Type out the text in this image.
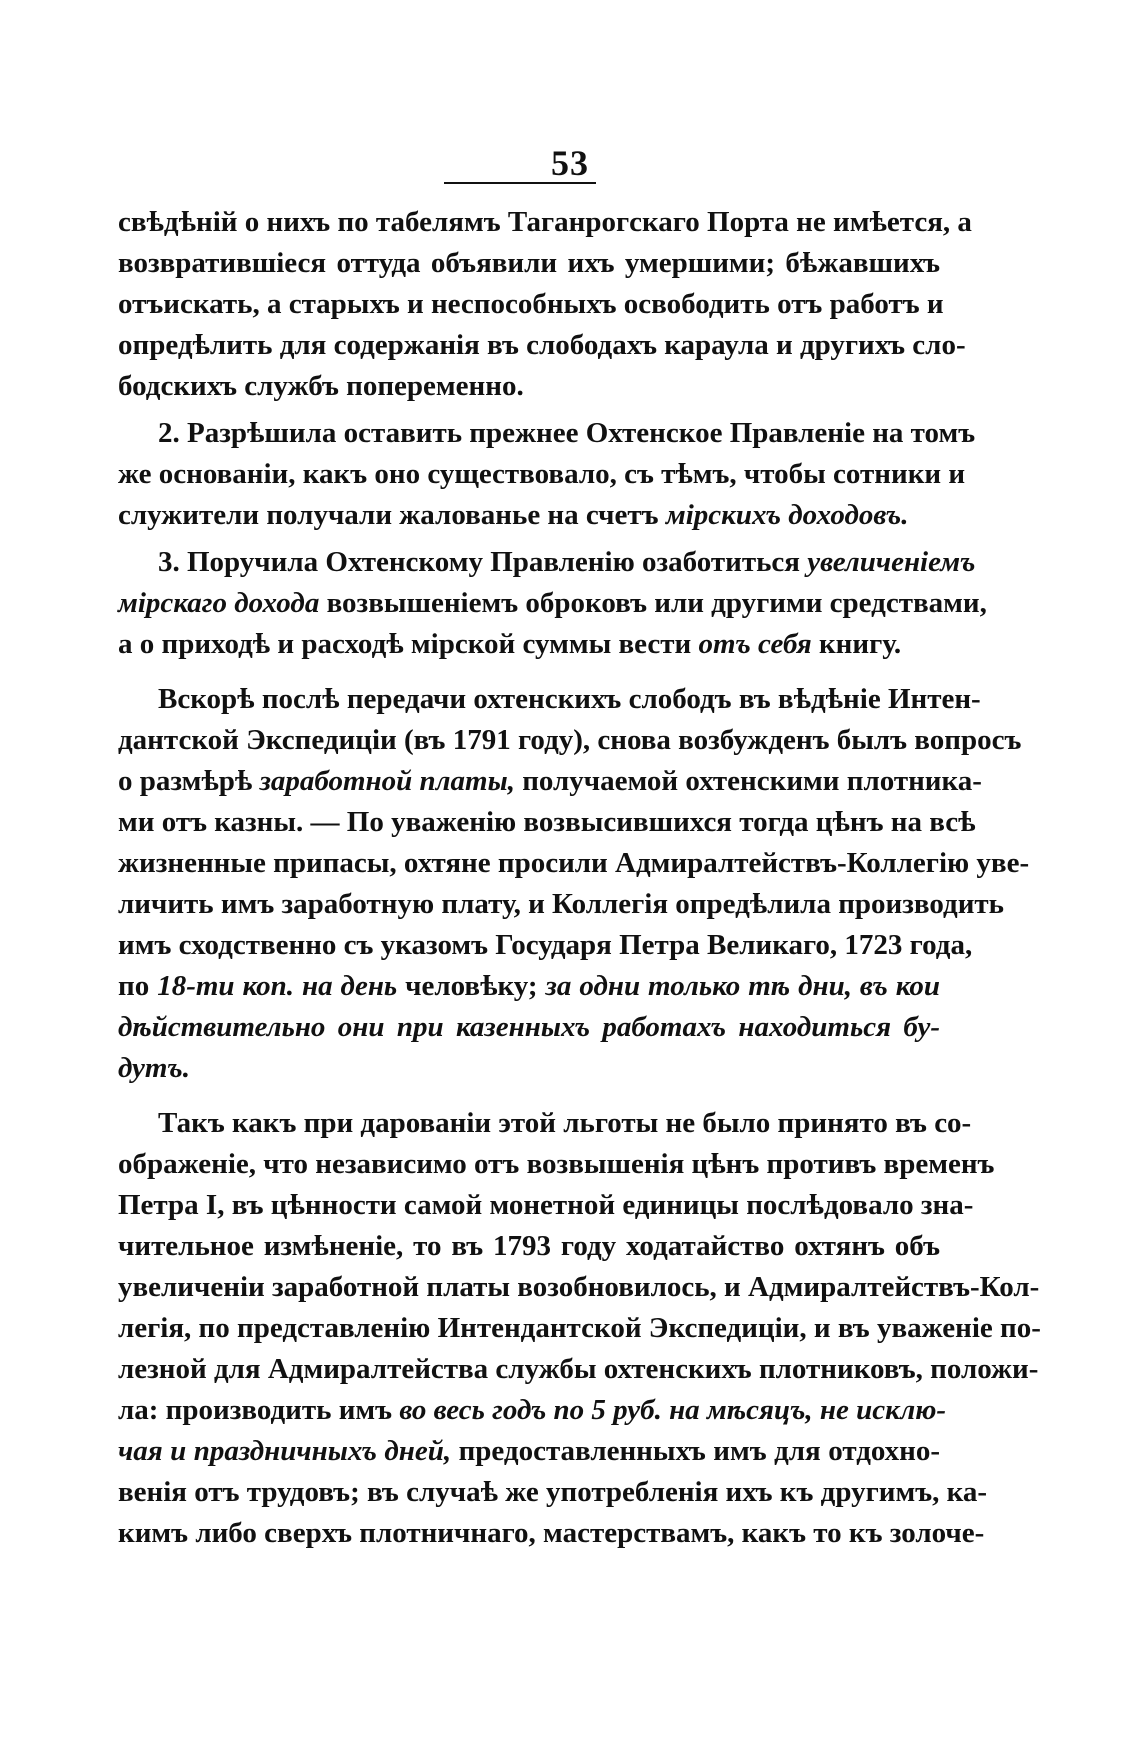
53
свѣдѣній о нихъ по табелямъ Таганрогскаго Порта не имѣется, а
возвратившіеся оттуда объявили ихъ умершими; бѣжавшихъ
отъискать, а старыхъ и неспособныхъ освободить отъ работъ и
опредѣлить для содержанія въ слободахъ караула и другихъ сло-
бодскихъ службъ попеременно.
2. Разрѣшила оставить прежнее Охтенское Правленіе на томъ
же основаніи, какъ оно существовало, съ тѣмъ, чтобы сотники и
служители получали жалованье на счетъ мірскихъ доходовъ.
3. Поручила Охтенскому Правленію озаботиться увеличеніемъ
мірскаго дохода возвышеніемъ оброковъ или другими средствами,
а о приходѣ и расходѣ мірской суммы вести отъ себя книгу.
Вскорѣ послѣ передачи охтенскихъ слободъ въ вѣдѣніе Интен-
дантской Экспедиціи (въ 1791 году), снова возбужденъ былъ вопросъ
о размѣрѣ заработной платы, получаемой охтенскими плотника-
ми отъ казны. — По уваженію возвысившихся тогда цѣнъ на всѣ
жизненные припасы, охтяне просили Адмиралтействъ-Коллегію уве-
личить имъ заработную плату, и Коллегія опредѣлила производить
имъ сходственно съ указомъ Государя Петра Великаго, 1723 года,
по 18-ти коп. на день человѣку; за одни только тѣ дни, въ кои
дѣйствительно они при казенныхъ работахъ находиться бу-
дутъ.
Такъ какъ при дарованіи этой льготы не было принято въ со-
ображеніе, что независимо отъ возвышенія цѣнъ противъ временъ
Петра I, въ цѣнности самой монетной единицы послѣдовало зна-
чительное измѣненіе, то въ 1793 году ходатайство охтянъ объ
увеличеніи заработной платы возобновилось, и Адмиралтействъ-Кол-
легія, по представленію Интендантской Экспедиціи, и въ уваженіе по-
лезной для Адмиралтейства службы охтенскихъ плотниковъ, положи-
ла: производить имъ во весь годъ по 5 руб. на мѣсяцъ, не исклю-
чая и праздничныхъ дней, предоставленныхъ имъ для отдохно-
венія отъ трудовъ; въ случаѣ же употребленія ихъ къ другимъ, ка-
кимъ либо сверхъ плотничнаго, мастерствамъ, какъ то къ золоче-
